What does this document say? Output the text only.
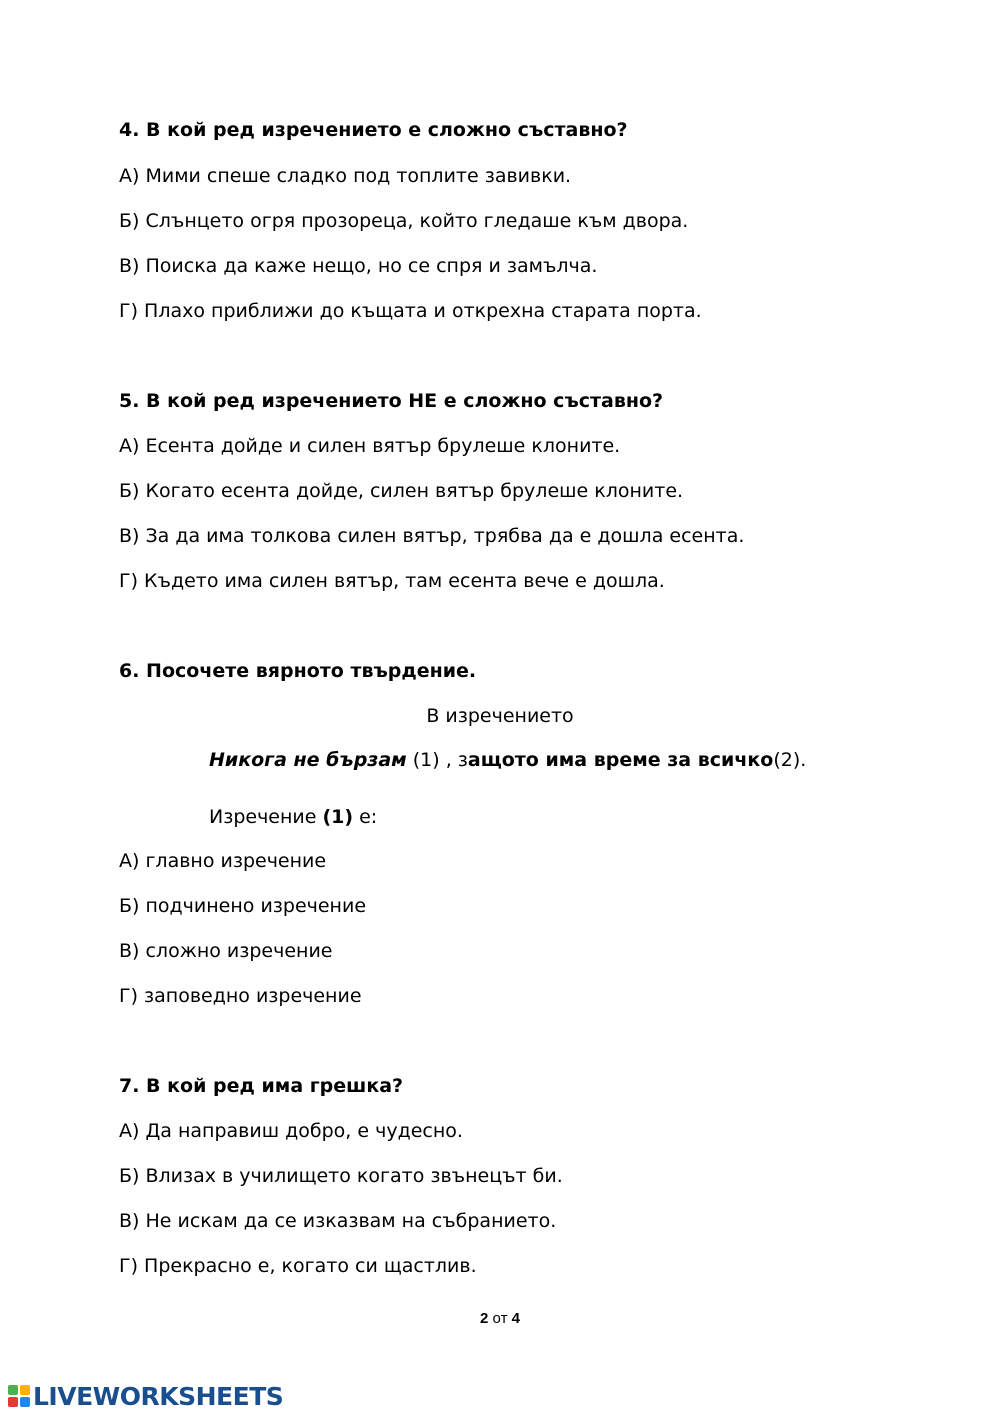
4. В кой ред изречението е сложно съставно?
А) Мими спеше сладко под топлите завивки.
Б) Слънцето огря прозореца, който гледаше към двора.
В) Поиска да каже нещо, но се спря и замълча.
Г) Плахо приближи до къщата и открехна старата порта.
5. В кой ред изречението НЕ е сложно съставно?
А) Есента дойде и силен вятър брулеше клоните.
Б) Когато есента дойде, силен вятър брулеше клоните.
В) За да има толкова силен вятър, трябва да е дошла есента.
Г) Където има силен вятър, там есента вече е дошла.
6. Посочете вярното твърдение.
В изречението
Никога не бързам (1) , защото има време за всичко(2).
Изречение (1) е:
А) главно изречение
Б) подчинено изречение
В) сложно изречение
Г) заповедно изречение
7. В кой ред има грешка?
А) Да направиш добро, е чудесно.
Б) Влизах в училището когато звънецът би.
В) Не искам да се изказвам на събранието.
Г) Прекрасно е, когато си щастлив.
2 от 4
LIVEWORKSHEETS
